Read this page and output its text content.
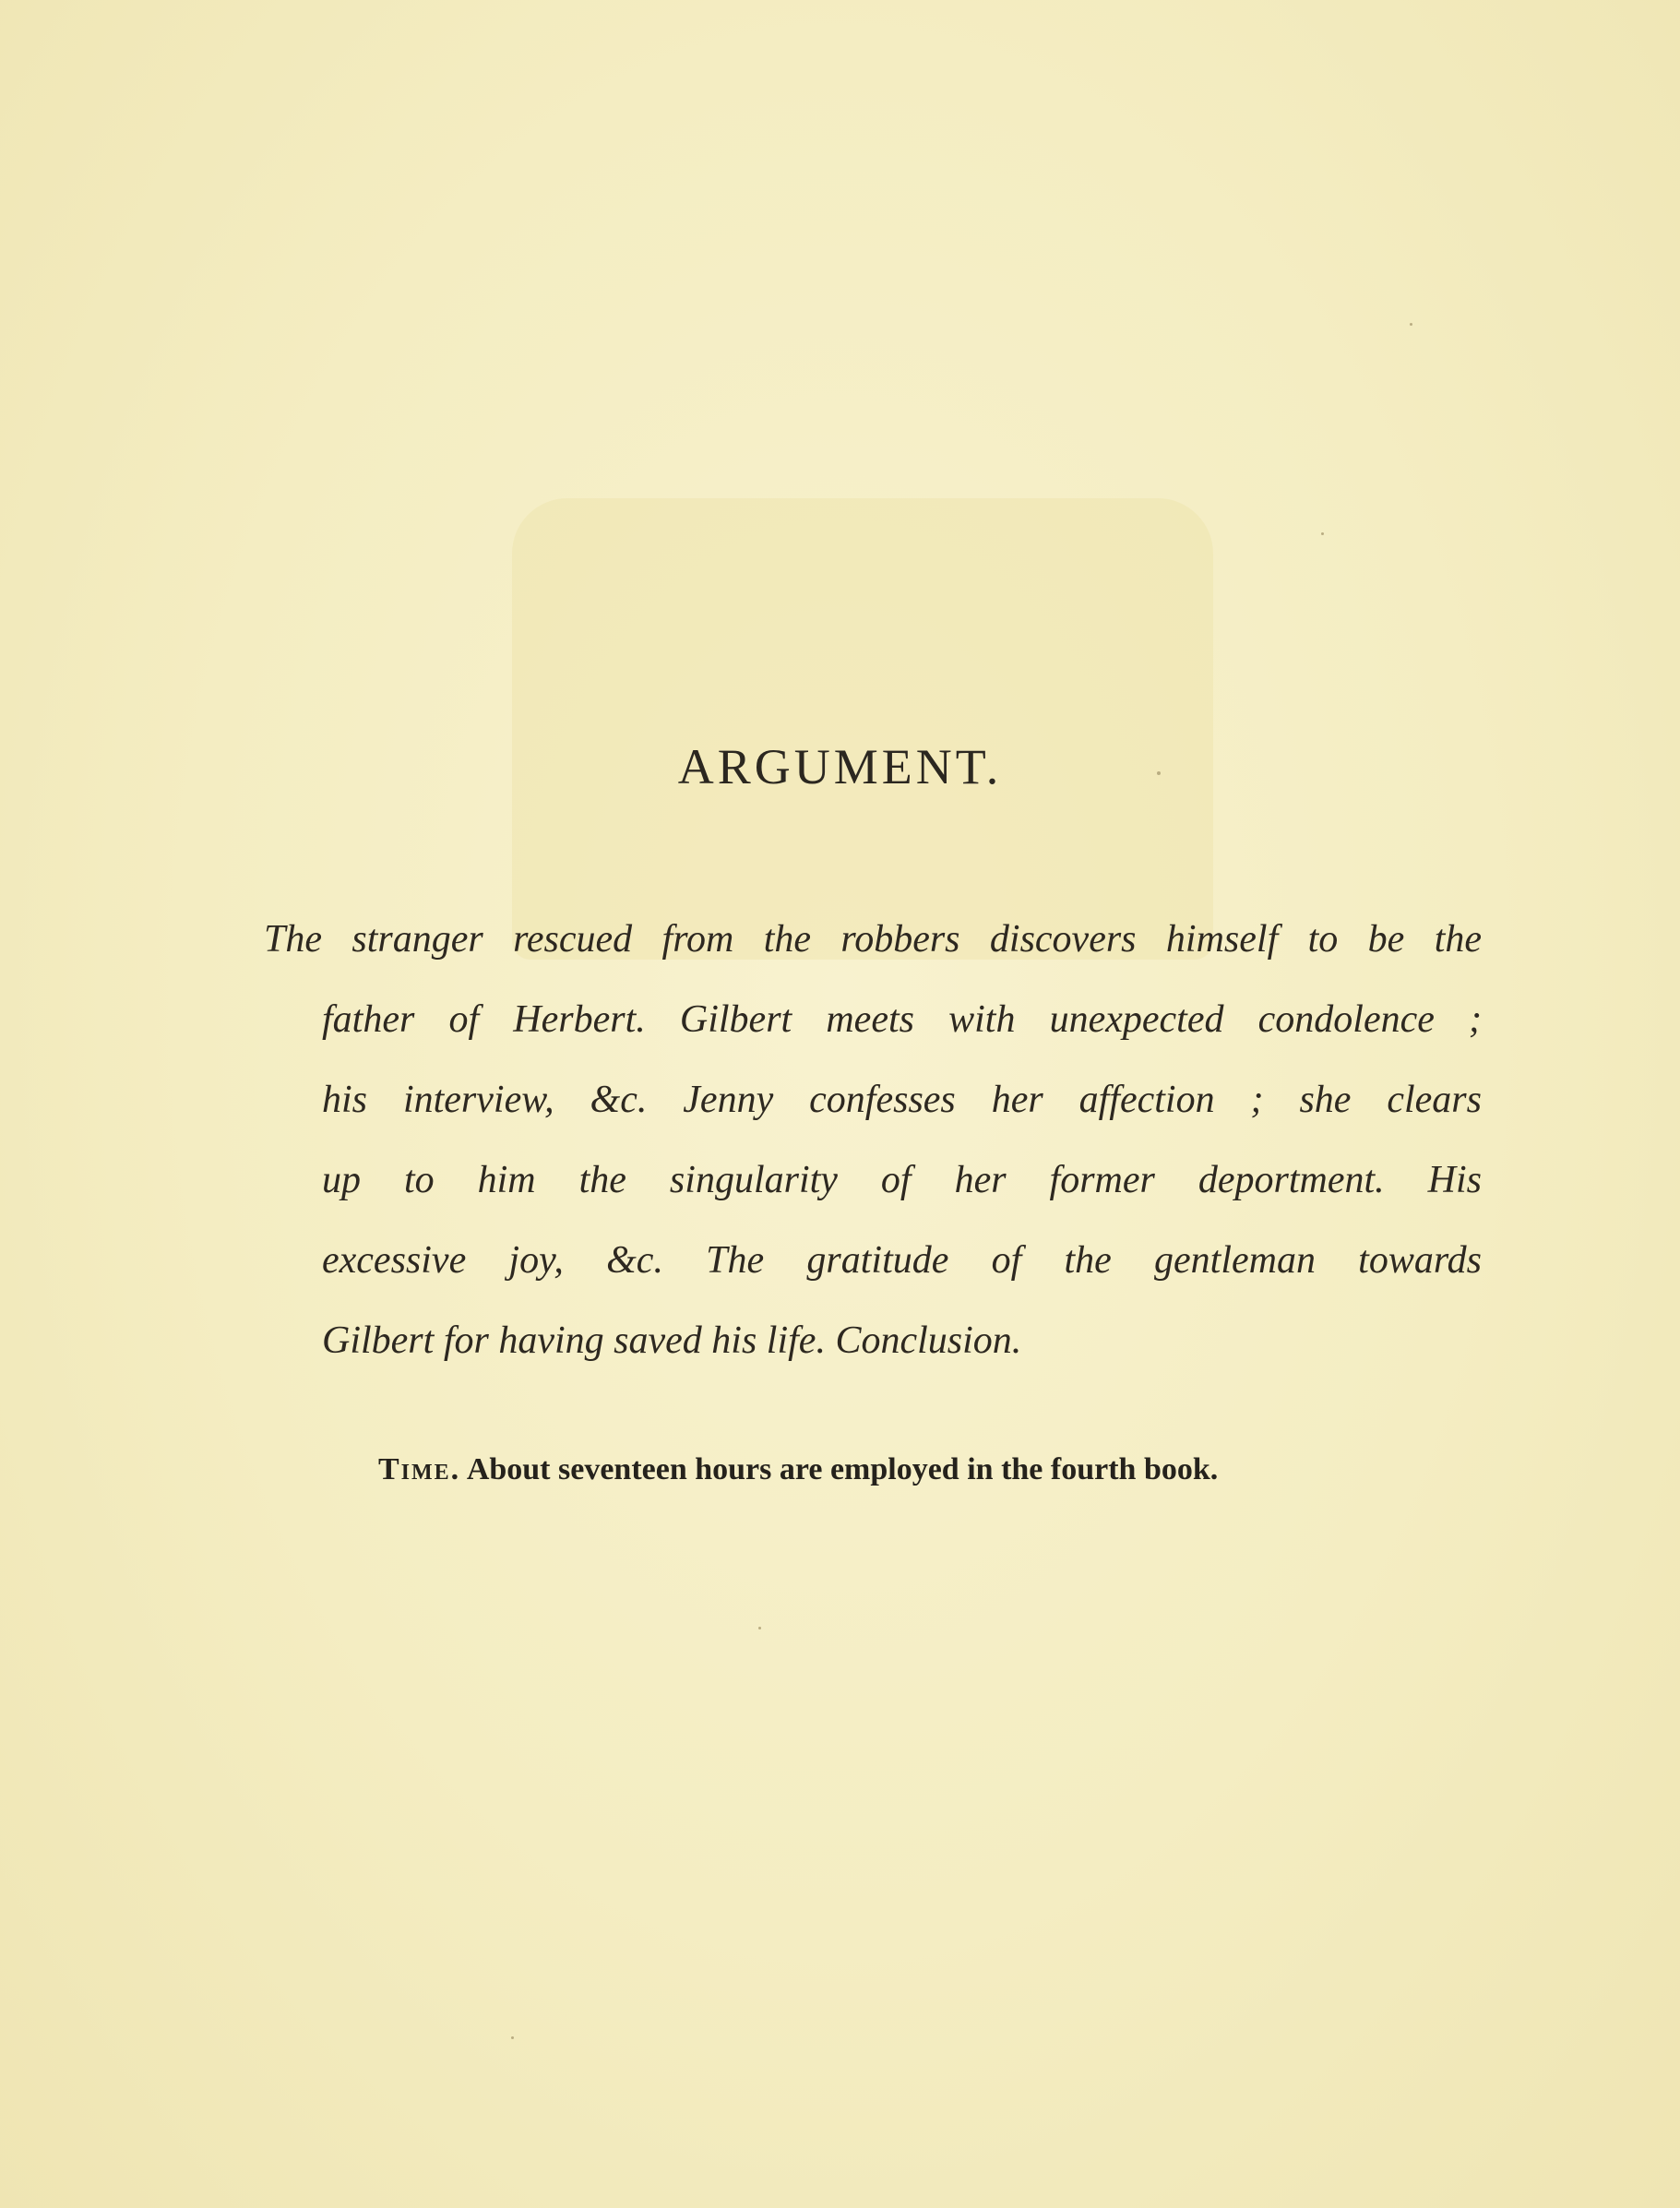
ARGUMENT.
The stranger rescued from the robbers discovers himself to be the
father of Herbert. Gilbert meets with unexpected condolence ;
his interview, &c. Jenny confesses her affection ; she clears
up to him the singularity of her former deportment. His
excessive joy, &c. The gratitude of the gentleman towards
Gilbert for having saved his life. Conclusion.
Time. About seventeen hours are employed in the fourth book.
